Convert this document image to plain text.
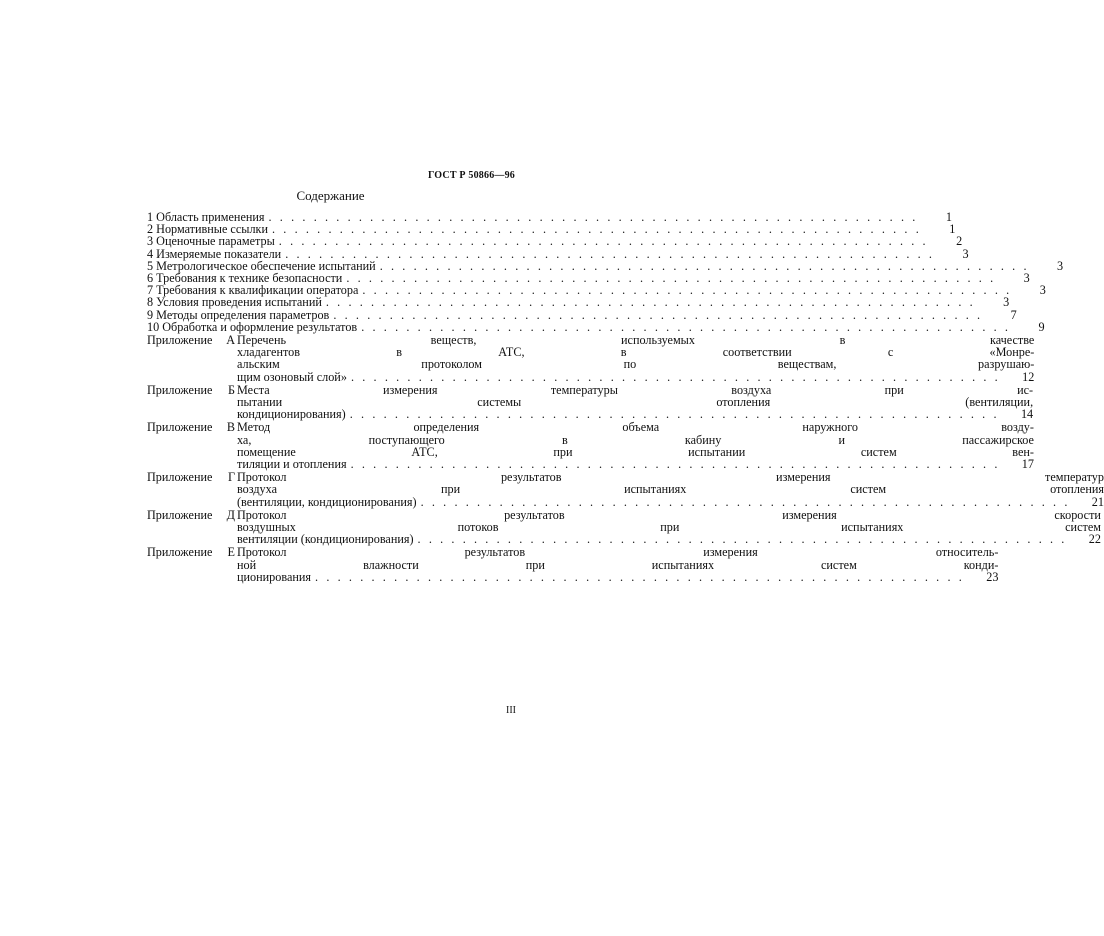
ГОСТ Р 50866—96
Содержание
1 Область применения . . .	1
2 Нормативные ссылки . . .	1
3 Оценочные параметры . . .	2
4 Измеряемые показатели . . .	3
5 Метрологическое обеспечение испытаний . . .	3
6 Требования к технике безопасности . . .	3
7 Требования к квалификации оператора . . .	3
8 Условия проведения испытаний . . .	3
9 Методы определения параметров . . .	7
10 Обработка и оформление результатов . . .	9
Приложение А Перечень веществ, используемых в качестве
хладагентов в АТС, в соответствии с «Монре-
альским протоколом по веществам, разрушаю-
щим озоновый слой» . . .	12
Приложение Б Места измерения температуры воздуха при ис-
пытании системы отопления (вентиляции,
кондиционирования) . . .	14
Приложение В Метод определения объема наружного возду-
ха, поступающего в кабину и пассажирское
помещение АТС, при испытании систем вен-
тиляции и отопления . . .	17
Приложение Г Протокол результатов измерения температур
воздуха при испытаниях систем отопления
(вентиляции, кондиционирования) . . .	21
Приложение Д Протокол результатов измерения скорости
воздушных потоков при испытаниях систем
вентиляции (кондиционирования) . . .	22
Приложение Е Протокол результатов измерения относитель-
ной влажности при испытаниях систем конди-
ционирования . . .	23
III
